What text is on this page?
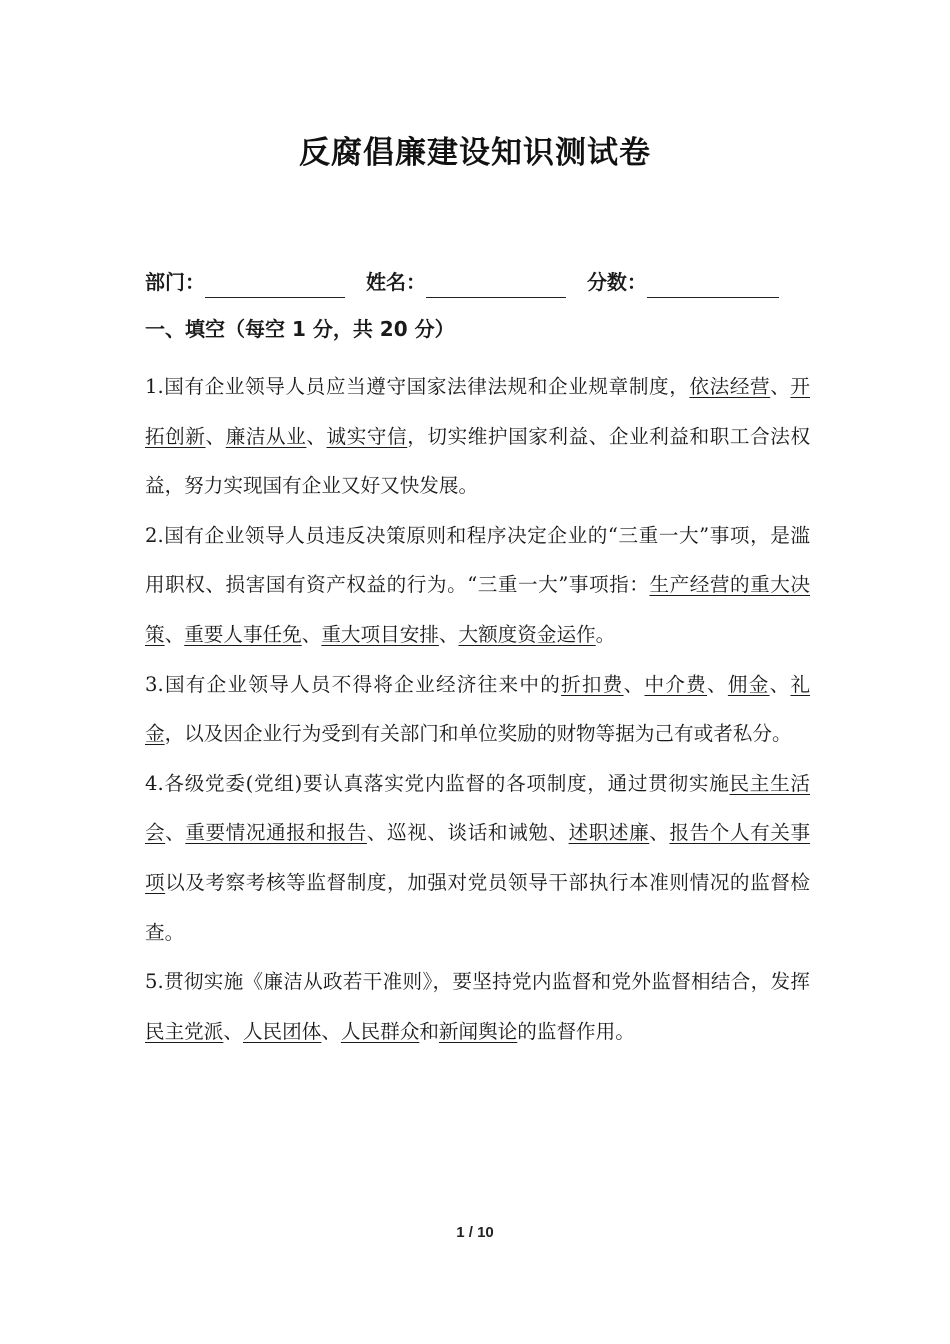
反腐倡廉建设知识测试卷
部门：	姓名：	分数：
一、填空（每空 1 分，共 20 分）

1.国有企业领导人员应当遵守国家法律法规和企业规章制度，依法经营、开拓创新、廉洁从业、诚实守信，切实维护国家利益、企业利益和职工合法权益，努力实现国有企业又好又快发展。

2.国有企业领导人员违反决策原则和程序决定企业的“三重一大”事项，是滥用职权、损害国有资产权益的行为。“三重一大”事项指：生产经营的重大决策、重要人事任免、重大项目安排、大额度资金运作。

3.国有企业领导人员不得将企业经济往来中的折扣费、中介费、佣金、礼金，以及因企业行为受到有关部门和单位奖励的财物等据为己有或者私分。

4.各级党委(党组)要认真落实党内监督的各项制度，通过贯彻实施民主生活会、重要情况通报和报告、巡视、谈话和诫勉、述职述廉、报告个人有关事项以及考察考核等监督制度，加强对党员领导干部执行本准则情况的监督检查。

5.贯彻实施《廉洁从政若干准则》，要坚持党内监督和党外监督相结合，发挥民主党派、人民团体、人民群众和新闻舆论的监督作用。

1 / 10
